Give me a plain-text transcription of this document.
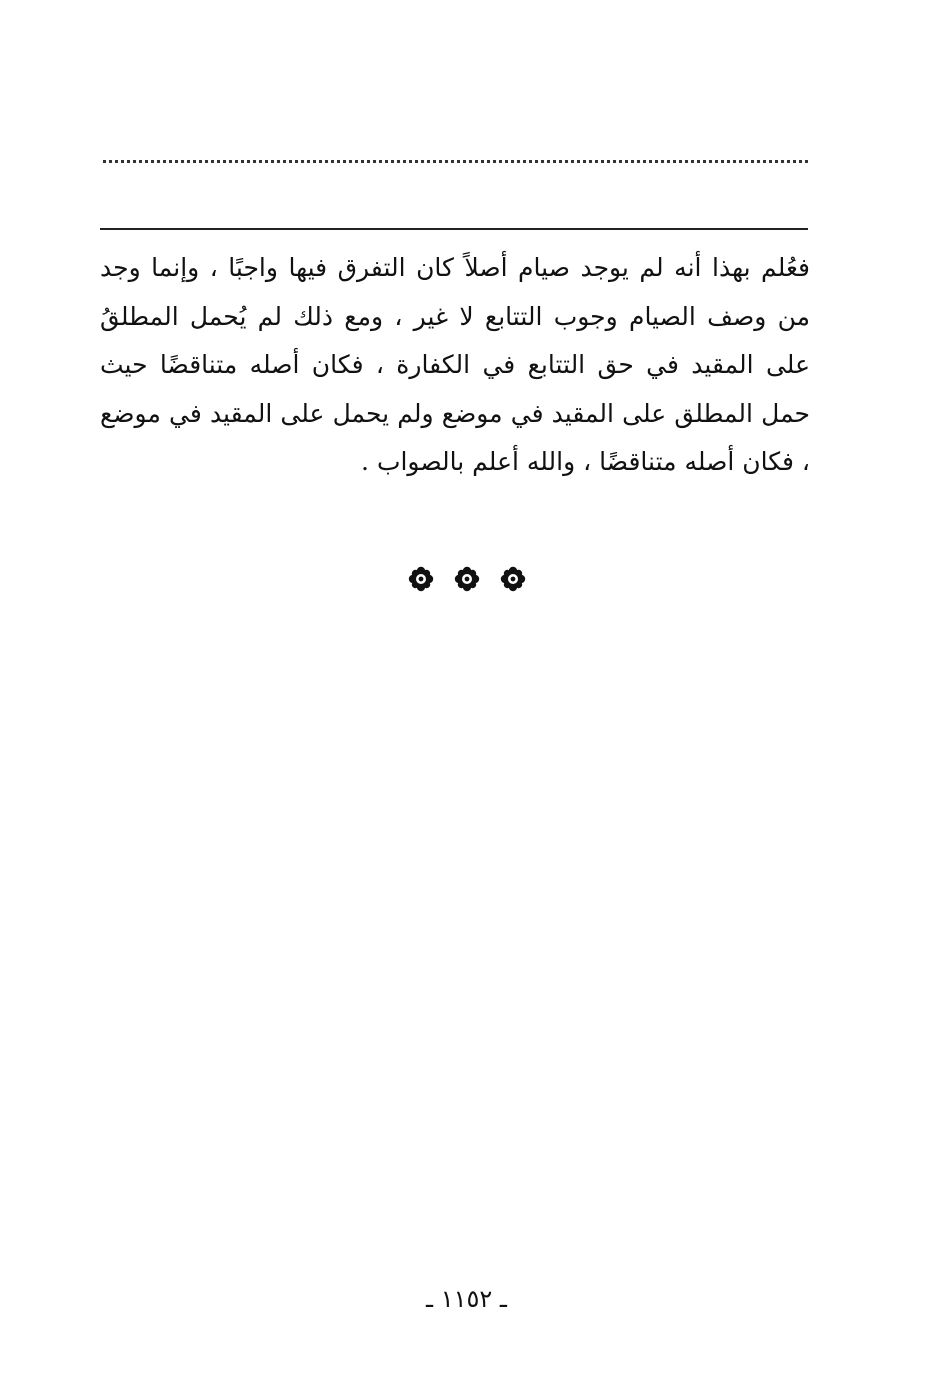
فعُلم بهذا أنه لم يوجد صيام أصلاً كان التفرق فيها واجبًا ، وإنما وجد من وصف الصيام وجوب التتابع لا غير ، ومع ذلك لم يُحمل المطلقُ على المقيد في حق التتابع في الكفارة ، فكان أصله متناقضًا حيث حمل المطلق على المقيد في موضع ولم يحمل على المقيد في موضع ، فكان أصله متناقضًا ، والله أعلم بالصواب .

ـ ١١٥٢ ـ
